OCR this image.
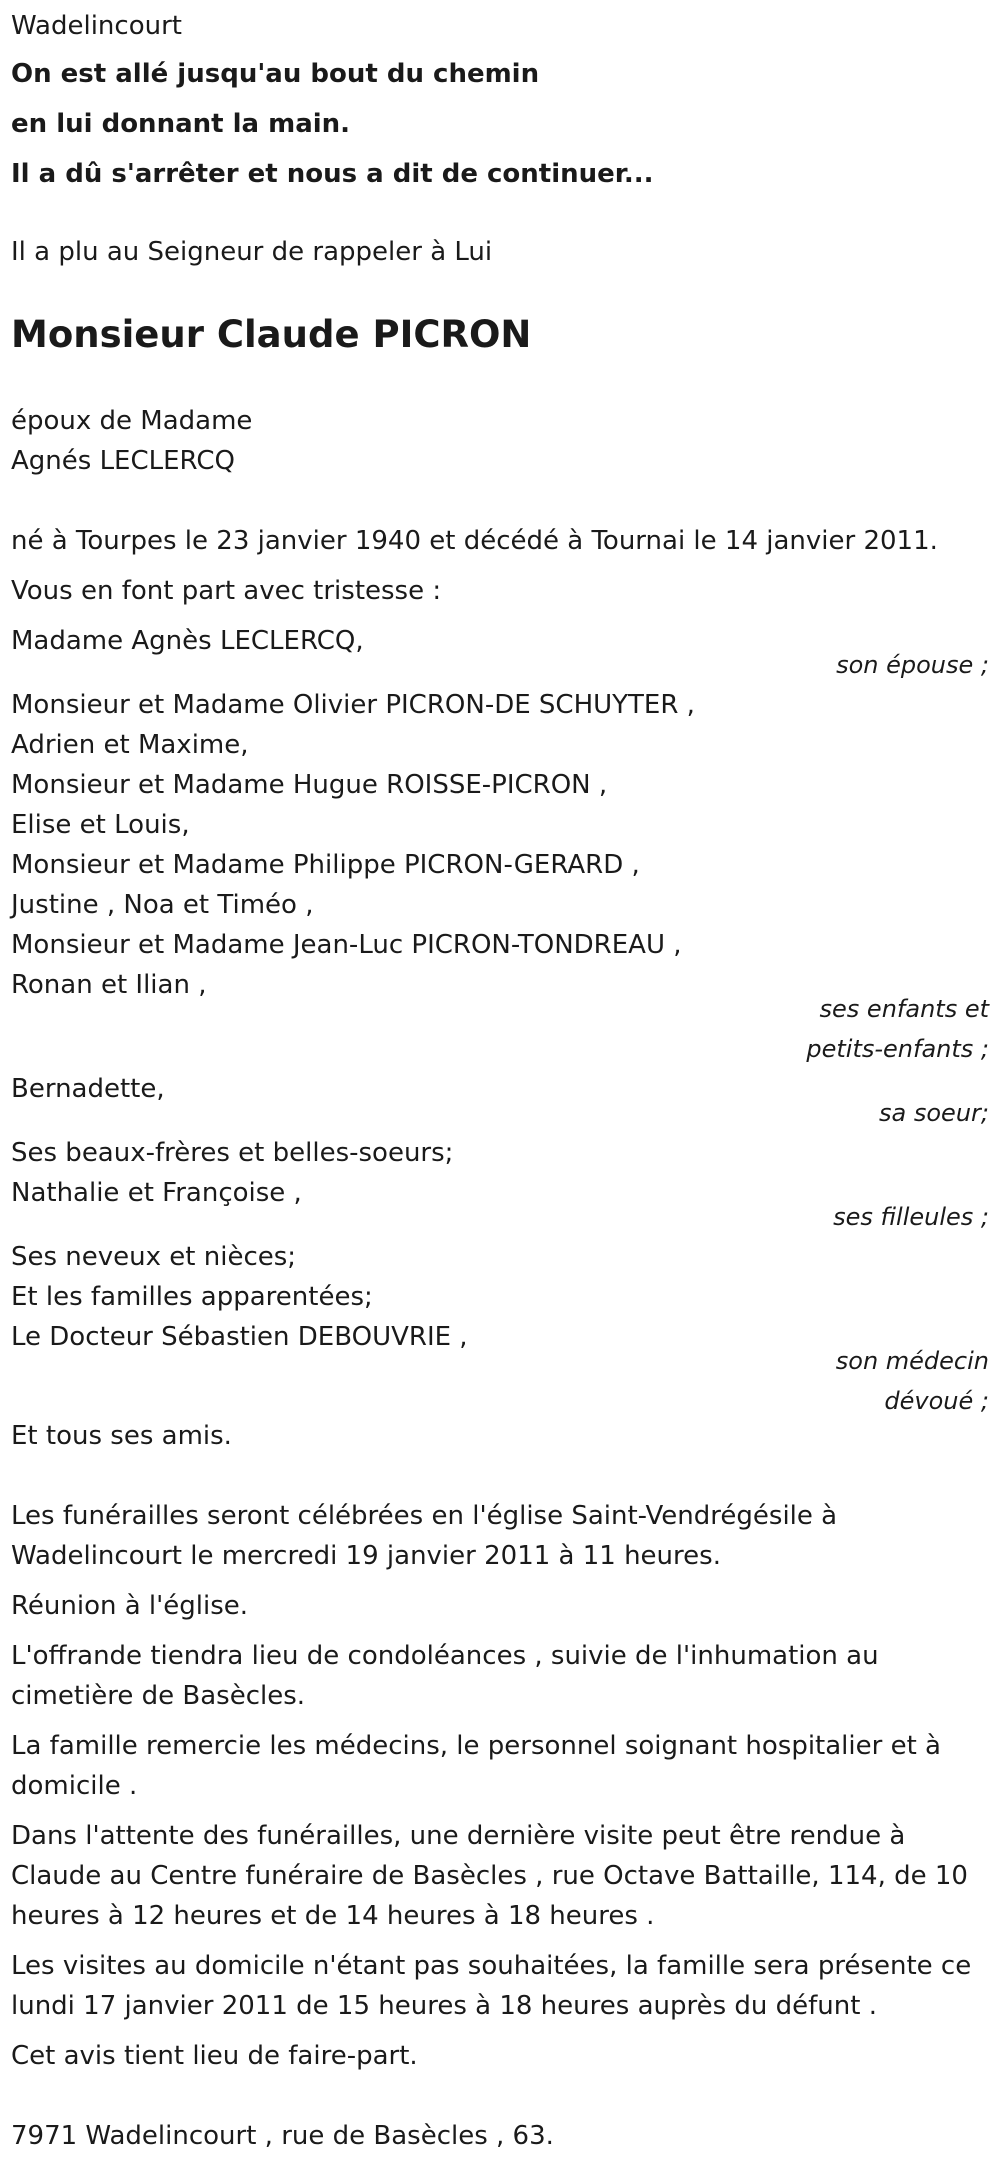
Wadelincourt
On est allé jusqu'au bout du chemin
en lui donnant la main.
Il a dû s'arrêter et nous a dit de continuer...
Il a plu au Seigneur de rappeler à Lui
Monsieur Claude PICRON
époux de Madame
Agnés LECLERCQ
né à Tourpes le 23 janvier 1940 et décédé à Tournai le 14 janvier 2011.
Vous en font part avec tristesse :
Madame Agnès LECLERCQ,
son épouse ;
Monsieur et Madame Olivier PICRON-DE SCHUYTER ,
Adrien et Maxime,
Monsieur et Madame Hugue ROISSE-PICRON ,
Elise et Louis,
Monsieur et Madame Philippe PICRON-GERARD ,
Justine , Noa et Timéo ,
Monsieur et Madame Jean-Luc PICRON-TONDREAU ,
Ronan et Ilian ,
ses enfants et
petits-enfants ;
Bernadette,
sa soeur;
Ses beaux-frères et belles-soeurs;
Nathalie et Françoise ,
ses filleules ;
Ses neveux et nièces;
Et les familles apparentées;
Le Docteur Sébastien DEBOUVRIE ,
son médecin
dévoué ;
Et tous ses amis.
Les funérailles seront célébrées en l'église Saint-Vendrégésile à
Wadelincourt le mercredi 19 janvier 2011 à 11 heures.
Réunion à l'église.
L'offrande tiendra lieu de condoléances , suivie de l'inhumation au
cimetière de Basècles.
La famille remercie les médecins, le personnel soignant hospitalier et à
domicile .
Dans l'attente des funérailles, une dernière visite peut être rendue à
Claude au Centre funéraire de Basècles , rue Octave Battaille, 114, de 10
heures à 12 heures et de 14 heures à 18 heures .
Les visites au domicile n'étant pas souhaitées, la famille sera présente ce
lundi 17 janvier 2011 de 15 heures à 18 heures auprès du défunt .
Cet avis tient lieu de faire-part.
7971 Wadelincourt , rue de Basècles , 63.
